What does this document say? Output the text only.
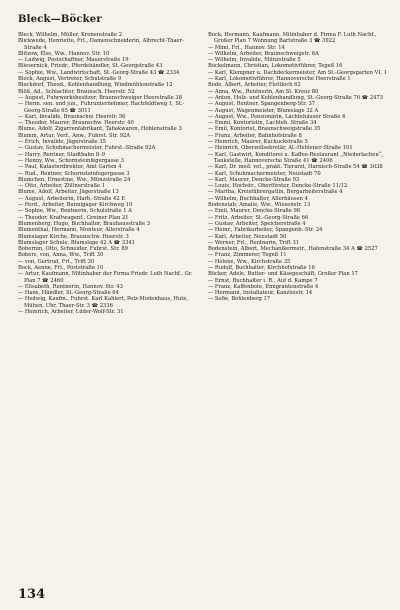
Bleck—Böcker

Bleck, Wilhelm, Müller, Kronenstraße 2

Blickwede, Henriette, Frl., Damenschneiderin, Albrecht-Thaer-Straße 4

Blitzow, Else, Ww., Hannov. Str. 10

— Ludwig, Postschaffner, Mauerstraße 19

Bliesernick, Friedr., Pferdehändler, St.-Georgstraße 43

— Sophie, Ww., Landwirtschaft, St.-Georg-Straße 43 ☎ 2334

Block, August, Vertreter, Schulstraße 9

Blockdorf, Theod., Kohlenhandlung, Windmühlenstraße 12

Blöß, Ad., Schlachter, Braunsch. Heerstr. 52

— August, Fuhrwerksbesitzer, Braunschweiger Heerstraße 38

— Herm. sen. und jun., Fuhrunternehmer, Hachfeldtweg 1, St.-Georg-Straße 65 ☎ 3011

— Karl, Invalide, Braunschw. Heerstr. 56

— Theodor, Maurer, Braunschw. Heerstr. 40

Blume, Adolf, Zigarrenfabrikant, Tabakwaren, Hohlenstraße 3

Blumm, Artur, Verf., Anw., Fuhrst. Str. 92A

— Erich, Invalide, Jägerstraße 35

— Gustav, Schuhmachermeister, Fuhrst.-Straße 92A

— Harry, Rentner, Stadtbahn 8–9

— Henny, Ww., Schornsteinfegergasse 3

— Paul, Katasterdirektor, Amt Garten 4

— Rud., Rentner, Schornsteinfegergasse 3

Blumchen, Ernestine, Ww., Münzstraße 24

— Otto, Arbeiter, Zöllnerstraße 1

Blume, Adolf, Arbeiter, Jägerstraße 13

— August, Arbeiterin, Harb.-Straße 42 E

— Ferd., Arbeiter, Bunnigager Kirchweg 10

— Sophie, Ww., Rentnerin, Schulstraße 1 A

— Theodor, Kraftwagenf., Greiner Plan 21

Blumenberg, Hugo, Buchhalter, Brauhausstraße 3

Blumenthal, Hermann, Monteur, Allerstraße 4

Blumslager Kirche, Braunschw. Heerstr. 3

Blumslager Schule, Blumslage 42 A ☎ 3341

Bobernin, Otto, Schneider, Fuhrst. Str. 89

Bobers, von, Anna, Ww., Trift 30

— von, Gertrud, Frl., Trift 30

Bock, Aenne, Frl., Poststraße 10

— Artur, Kaufmann, Mitinhaber der Firma Friedr. Luth Nachf., Gr. Plan 7 ☎ 2460

— Elisabeth, Rentnerin, Hannov. Str. 43

— Hans, Händler, St.-Georg-Straße 64

— Hedwig, Kaufm., Fuhrst. Karl Kahlert, Pelz-Modenhaus, Hute, Mühen, Uhr, Thaer-Str. 3 ☎ 2336

— Heinrich, Arbeiter, Lüder-Wolf-Str. 31

Bock, Hermann, Kaufmann, Mitinhaber d. Firma F. Luth Nachf., Großer Plan 7 Wohnung Bartstraße 3 ☎ 3922

— Mimi, Frl., Hannov. Str. 14

— Wilhelm, Arbeiter, Braunschweigstr. 6A

— Wilhelm, Invalide, Münzstraße 5

Bockelmann, Christian, Lokomotivführer, Tegeß 16

— Karl, Klempner u. Dachdeckermeister, Am St.-Georgsgarten VI, 1

— Karl, Lokomotivführer, Hannoversche Heerstraße 1

Bode, Albert, Arbeiter, Flottloch 62

— Anna, Ww., Rentnerin, Am St. Kreuz 80

— Anton, Holz- und Kohlenhandlung, St.-Georg-Straße 76 ☎ 2473

— August, Rentner, Spangenberg-Str. 37

— August, Wagenmeister, Blumslage 32 A

— August, Ww., Pensionärin, Lachtehäuser Straße 4

— Emmi, Kontoristin, Lachteh. Straße 34

— Emil, Kontorist, Braunschweigstraße 35

— Franz, Arbeiter, Bahnhofstraße 8

— Heinrich, Maurer, Kuckuckstraße 5

— Heinrich, Oberzollsekretär, Al.-Hehlener-Straße 101

— Karl, Gastwirt, Konditorei u. Kaffee-Restaurant „Niederlachen“, Tankstelle, Hannoversche Straße 41 ☎ 2406

— Karl, Dr. med. vet., prakt. Tierarzt, Harnisch-Straße 54 ☎ 3038

— Karl, Schuhmachermeister, Neustadt 70

— Karl, Maurer, Dencke-Straße 93

— Louis, Hochstr., Oberförster, Dencke-Straße 11/12

— Martha, Kreisführergattin, Bergarbeiterstraße 4

— Wilhelm, Buchhalter, Allerhäusen 4

Bodenstab, Amalie, Ww., Wiesenstr. 13

— Emil, Maurer, Dencke-Straße 98

— Fritz, Arbeiter, St.-Georg-Straße 66

— Gustav, Arbeiter, Speicherstraße 4

— Heinr., Fabrikarbeiter, Spangenb.-Str. 24

— Karl, Arbeiter, Neustadt 50

— Werner, Frl., Rentnerin, Trift 31

Bodenstein, Albert, Mechanikermstr., Hafenstraße 34 A ☎ 2527

— Franz, Zimmerer, Tegeß 11

— Helene, Ww., Kirchstraße 35

— Rudolf, Buchhalter, Kirchhofstraße 16

Böcker, Adele, Butter- und Käsegeschäft, Großer Plan 17

— Ernst, Buchhalter i. R., Auf d. Kampe 7

— Franz, Kaffenbote, Emigrantenstraße 4

— Hermann, Installateur, Kanzleistr. 14

— Sofie, Bohlenberg 17

134
